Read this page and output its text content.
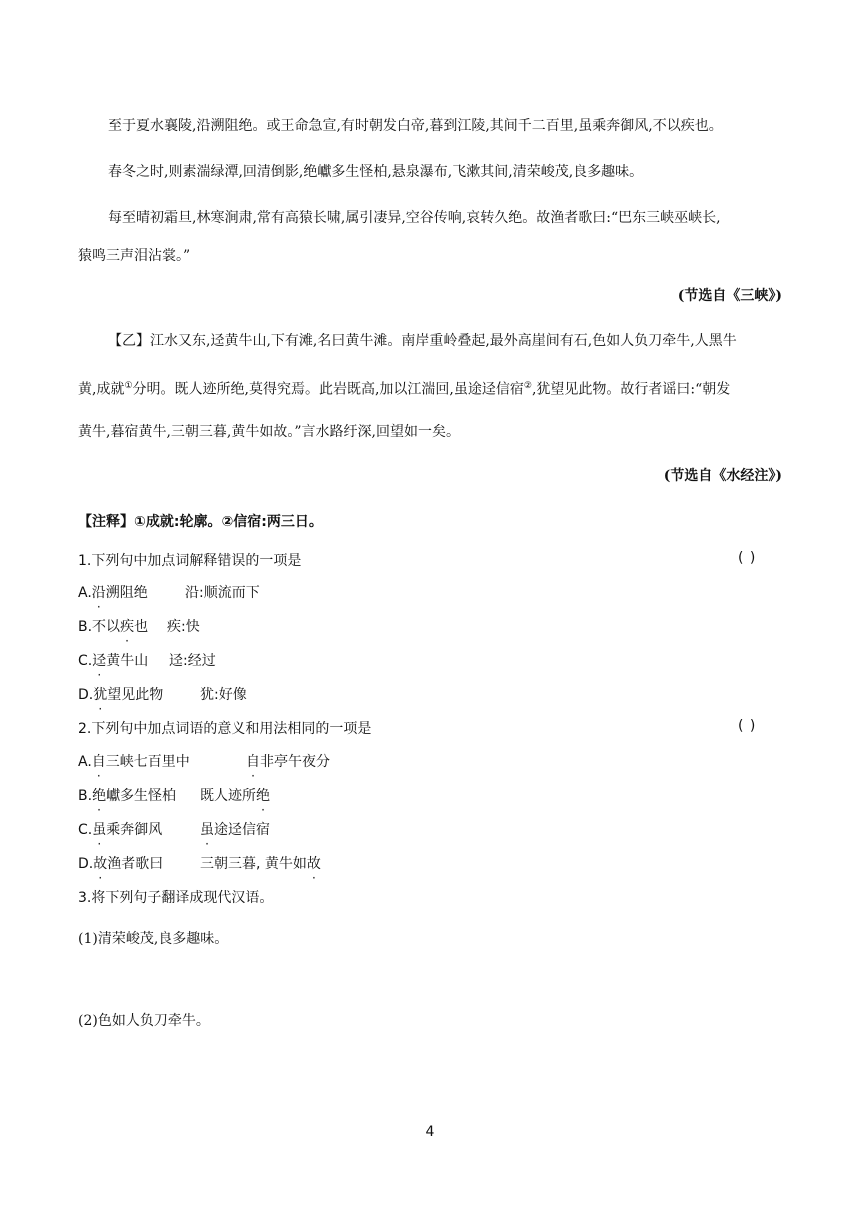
至于夏水襄陵,沿溯阻绝。或王命急宣,有时朝发白帝,暮到江陵,其间千二百里,虽乘奔御风,不以疾也。
春冬之时,则素湍绿潭,回清倒影,绝巘多生怪柏,悬泉瀑布,飞漱其间,清荣峻茂,良多趣味。
每至晴初霜旦,林寒涧肃,常有高猿长啸,属引凄异,空谷传响,哀转久绝。故渔者歌曰:“巴东三峡巫峡长,
猿鸣三声泪沾裳。”
(节选自《三峡》)
【乙】江水又东,迳黄牛山,下有滩,名曰黄牛滩。南岸重岭叠起,最外高崖间有石,色如人负刀牵牛,人黑牛
黄,成就①分明。既人迹所绝,莫得究焉。此岩既高,加以江湍回,虽途迳信宿②,犹望见此物。故行者谣曰:“朝发
黄牛,暮宿黄牛,三朝三暮,黄牛如故。”言水路纡深,回望如一矣。
(节选自《水经注》)
【注释】①成就:轮廓。②信宿:两三日。
1.下列句中加点词解释错误的一项是	( )
A.沿溯阻绝	沿:顺流而下
B.不以疾也 疾:快
C.迳黄牛山 迳:经过
D.犹望见此物	犹:好像
2.下列句中加点词语的意义和用法相同的一项是	( )
A.自三峡七百里中	自非亭午夜分
B.绝巘多生怪柏 既人迹所绝
C.虽乘奔御风	虽途迳信宿
D.故渔者歌曰	三朝三暮, 黄牛如故
3.将下列句子翻译成现代汉语。
(1)清荣峻茂,良多趣味。
(2)色如人负刀牵牛。
4
